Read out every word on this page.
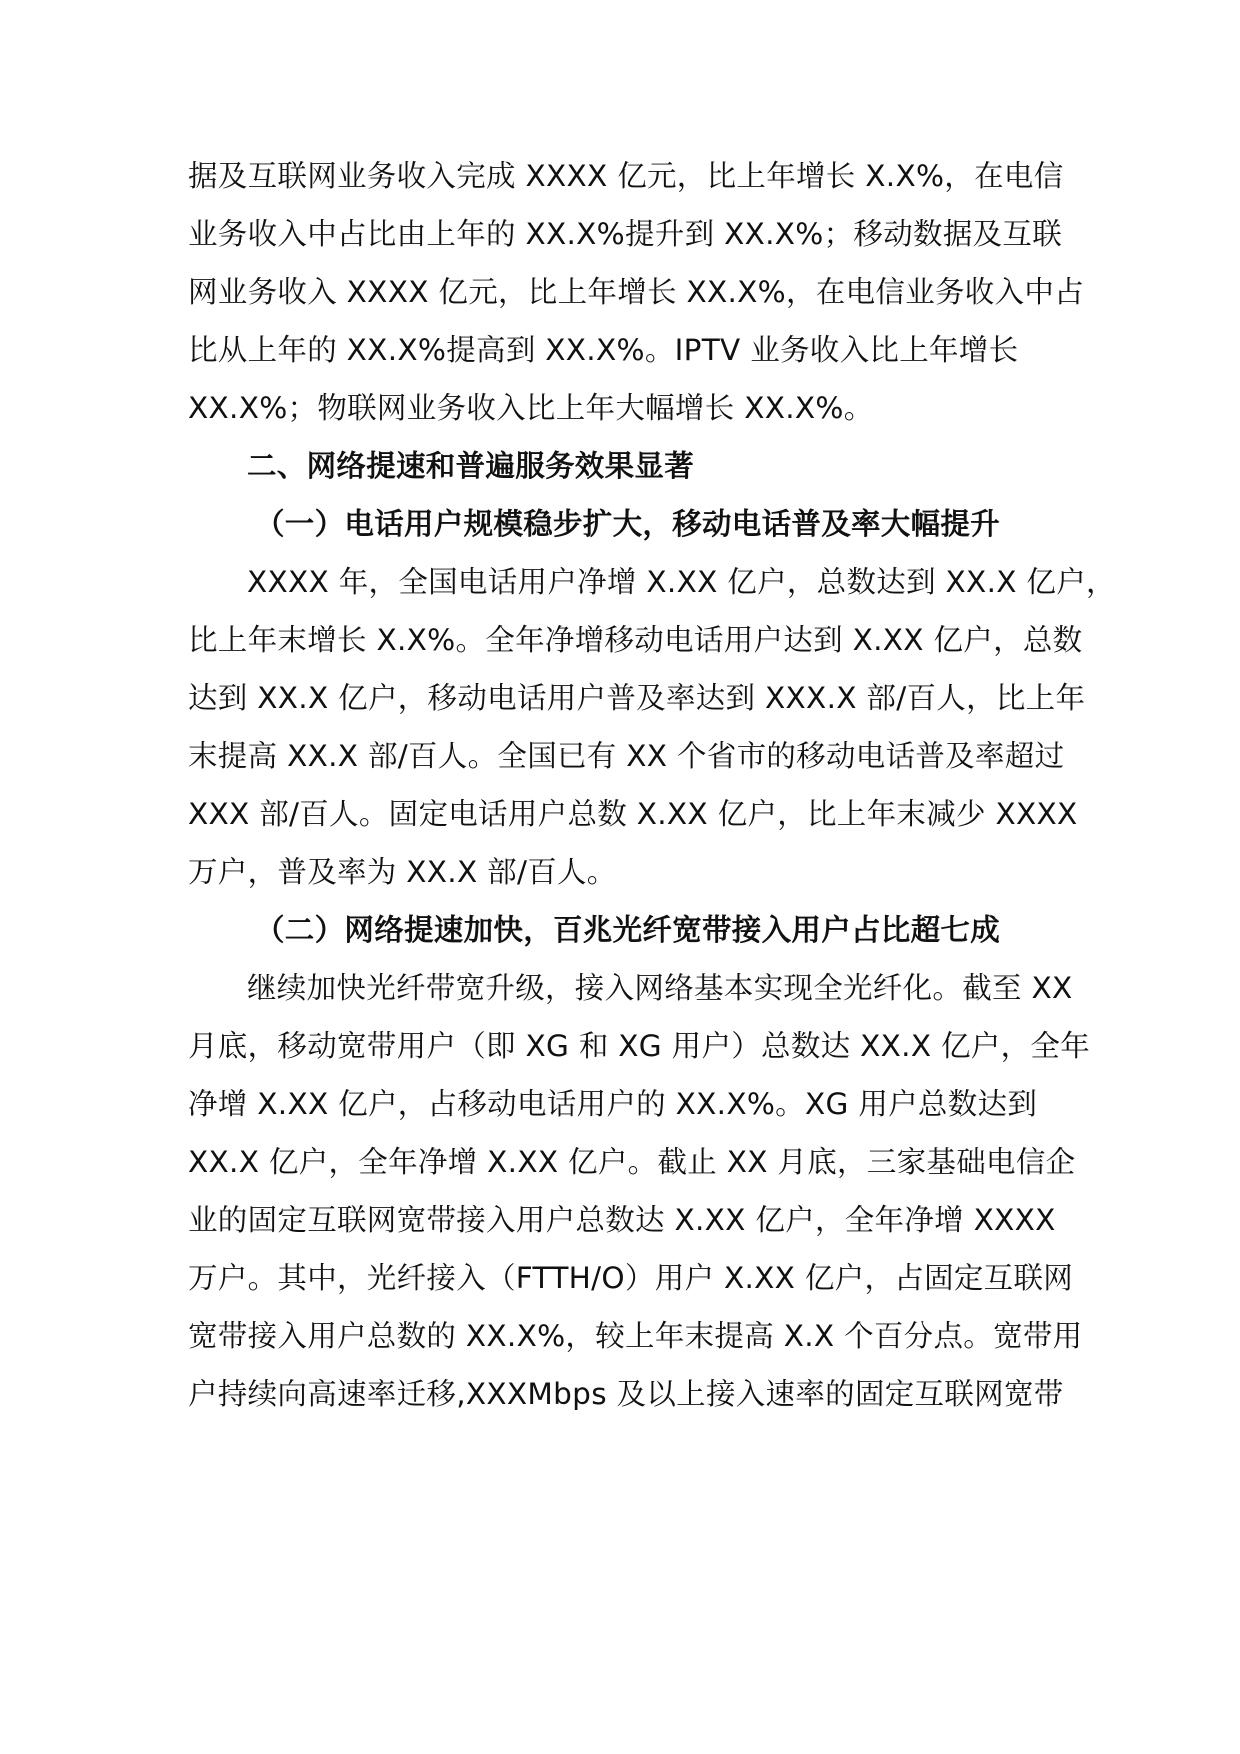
据及互联网业务收入完成 XXXX 亿元，比上年增长 X.X%，在电信
业务收入中占比由上年的 XX.X%提升到 XX.X%；移动数据及互联
网业务收入 XXXX 亿元，比上年增长 XX.X%，在电信业务收入中占
比从上年的 XX.X%提高到 XX.X%。IPTV 业务收入比上年增长
XX.X%；物联网业务收入比上年大幅增长 XX.X%。
二、网络提速和普遍服务效果显著
（一）电话用户规模稳步扩大，移动电话普及率大幅提升
XXXX 年，全国电话用户净增 X.XX 亿户，总数达到 XX.X 亿户，
比上年末增长 X.X%。全年净增移动电话用户达到 X.XX 亿户，总数
达到 XX.X 亿户，移动电话用户普及率达到 XXX.X 部/百人，比上年
末提高 XX.X 部/百人。全国已有 XX 个省市的移动电话普及率超过
XXX 部/百人。固定电话用户总数 X.XX 亿户，比上年末减少 XXXX
万户，普及率为 XX.X 部/百人。
（二）网络提速加快，百兆光纤宽带接入用户占比超七成
继续加快光纤带宽升级，接入网络基本实现全光纤化。截至 XX
月底，移动宽带用户（即 XG 和 XG 用户）总数达 XX.X 亿户，全年
净增 X.XX 亿户，占移动电话用户的 XX.X%。XG 用户总数达到
XX.X 亿户，全年净增 X.XX 亿户。截止 XX 月底，三家基础电信企
业的固定互联网宽带接入用户总数达 X.XX 亿户，全年净增 XXXX
万户。其中，光纤接入（FTTH/O）用户 X.XX 亿户，占固定互联网
宽带接入用户总数的 XX.X%，较上年末提高 X.X 个百分点。宽带用
户持续向高速率迁移,XXXMbps 及以上接入速率的固定互联网宽带
